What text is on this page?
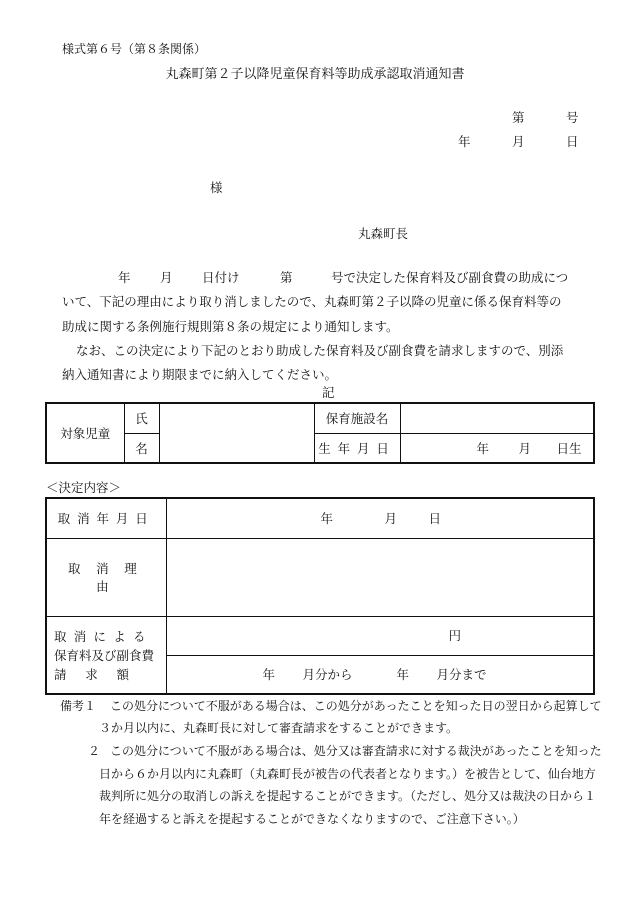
様式第６号（第８条関係）
丸森町第２子以降児童保育料等助成承認取消通知書
第	号
年	月	日
様
丸森町長
年 月 日付け	第	号で決定した保育料及び副食費の助成につ
いて、下記の理由により取り消しましたので、丸森町第２子以降の児童に係る保育料等の
助成に関する条例施行規則第８条の規定により通知します。
なお、この決定により下記のとおり助成した保育料及び副食費を請求しますので、別添
納入通知書により期限までに納入してください。
記
対象児童	氏		保育施設名	
	名		生年月日	年 月 日生
＜決定内容＞
取消年月日	年 月 日

取消理由	

取消による
保育料及び副食費
請求額	円

	年 月分から 年 月分まで
備考１ この処分について不服がある場合は、この処分があったことを知った日の翌日から起算して
３か月以内に、丸森町長に対して審査請求をすることができます。
２ この処分について不服がある場合は、処分又は審査請求に対する裁決があったことを知った
日から６か月以内に丸森町（丸森町長が被告の代表者となります。）を被告として、仙台地方
裁判所に処分の取消しの訴えを提起することができます。（ただし、処分又は裁決の日から１
年を経過すると訴えを提起することができなくなりますので、ご注意下さい。）
